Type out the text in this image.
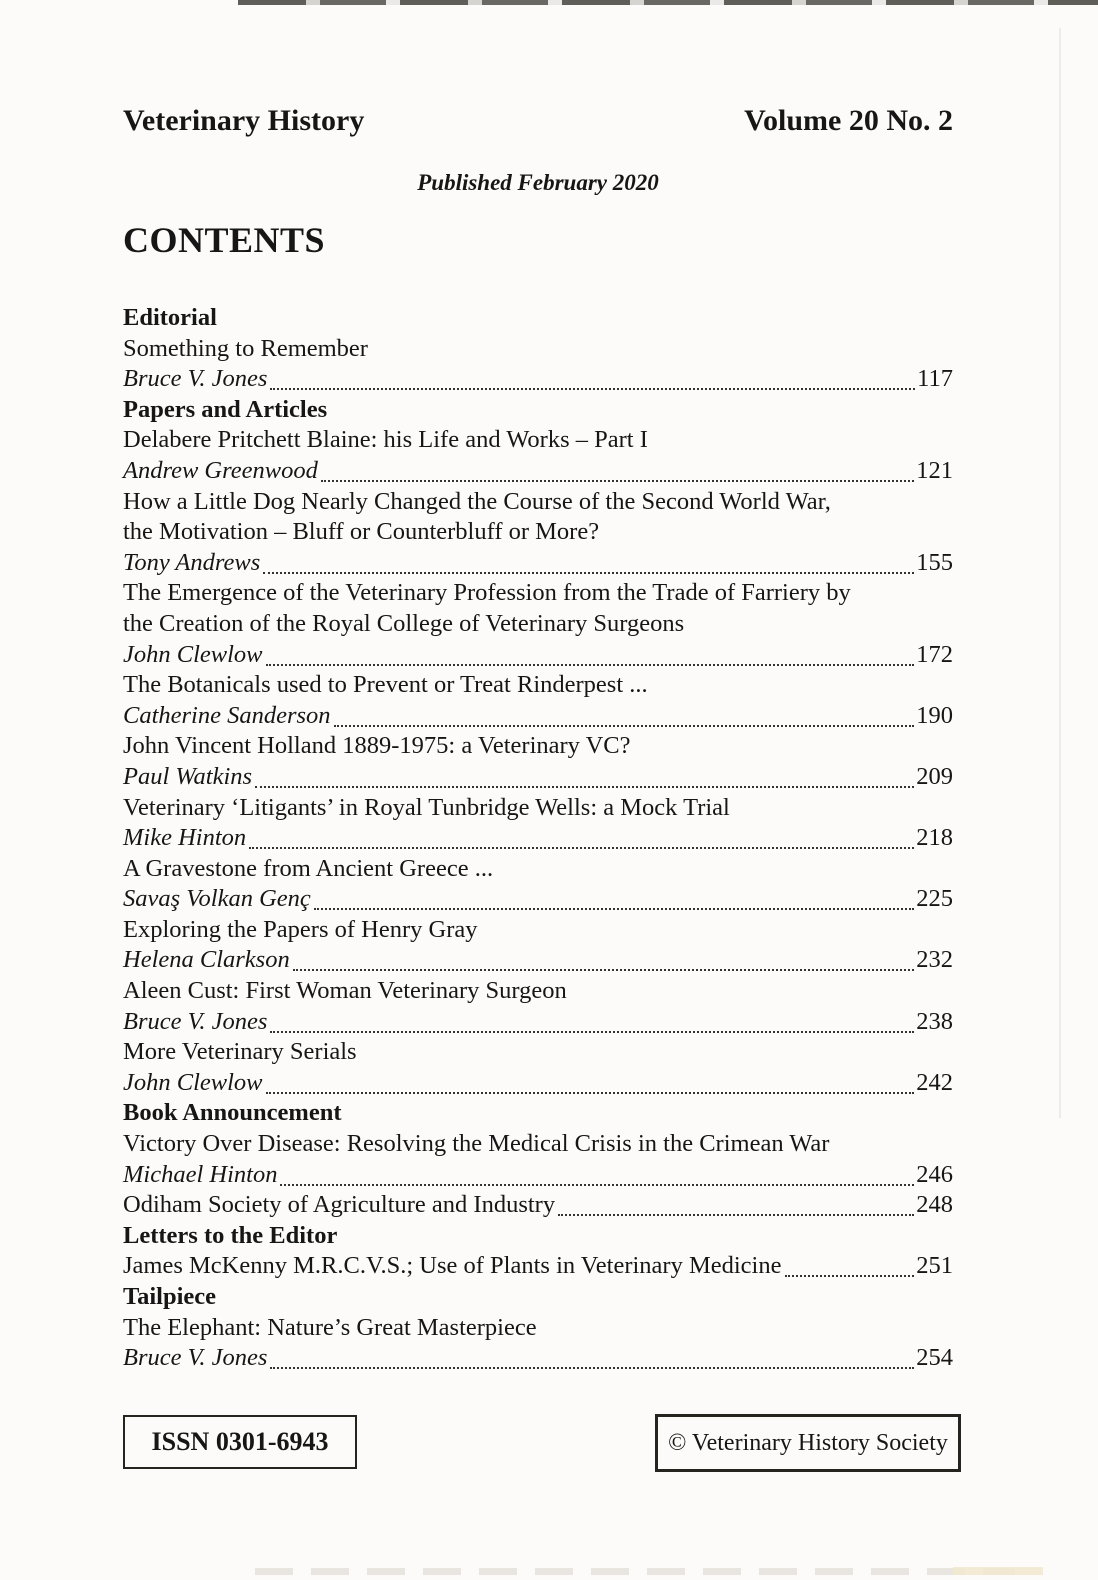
Veterinary History	Volume 20 No. 2
Published February 2020
CONTENTS
Editorial
Something to Remember
Bruce V. Jones	117
Papers and Articles
Delabere Pritchett Blaine: his Life and Works – Part I
Andrew Greenwood	121
How a Little Dog Nearly Changed the Course of the Second World War,
the Motivation – Bluff or Counterbluff or More?
Tony Andrews	155
The Emergence of the Veterinary Profession from the Trade of Farriery by
the Creation of the Royal College of Veterinary Surgeons
John Clewlow	172
The Botanicals used to Prevent or Treat Rinderpest ...
Catherine Sanderson	190
John Vincent Holland 1889-1975: a Veterinary VC?
Paul Watkins	209
Veterinary ‘Litigants’ in Royal Tunbridge Wells: a Mock Trial
Mike Hinton	218
A Gravestone from Ancient Greece ...
Savaş Volkan Genç	225
Exploring the Papers of Henry Gray
Helena Clarkson	232
Aleen Cust: First Woman Veterinary Surgeon
Bruce V. Jones	238
More Veterinary Serials
John Clewlow	242
Book Announcement
Victory Over Disease: Resolving the Medical Crisis in the Crimean War
Michael Hinton	246
Odiham Society of Agriculture and Industry	248
Letters to the Editor
James McKenny M.R.C.V.S.; Use of Plants in Veterinary Medicine	251
Tailpiece
The Elephant: Nature’s Great Masterpiece
Bruce V. Jones	254
ISSN 0301-6943	© Veterinary History Society
